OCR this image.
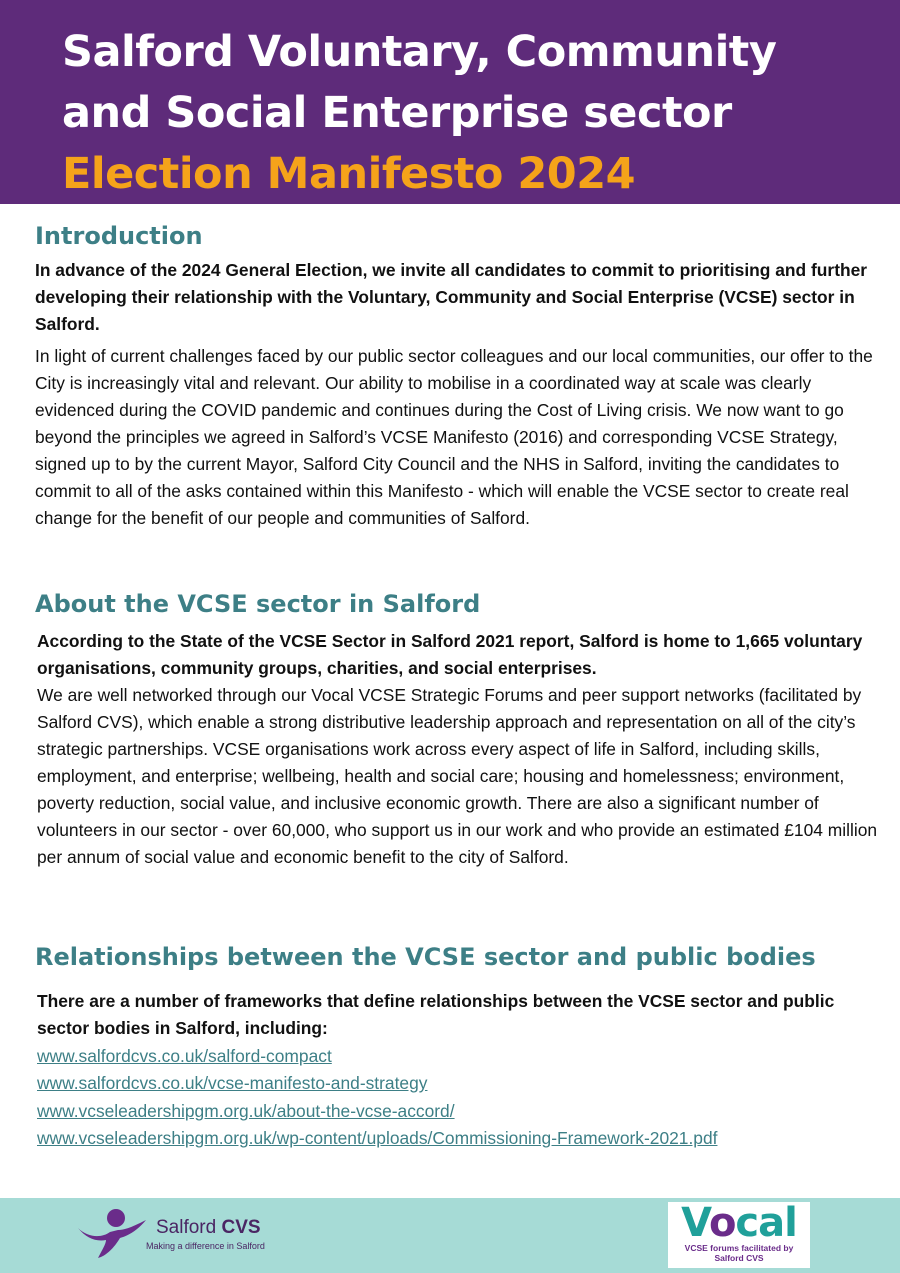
Salford Voluntary, Community
and Social Enterprise sector
Election Manifesto 2024
Introduction

In advance of the 2024 General Election, we invite all candidates to commit to prioritising and further developing their relationship with the Voluntary, Community and Social Enterprise (VCSE) sector in Salford.

In light of current challenges faced by our public sector colleagues and our local communities, our offer to the City is increasingly vital and relevant. Our ability to mobilise in a coordinated way at scale was clearly evidenced during the COVID pandemic and continues during the Cost of Living crisis. We now want to go beyond the principles we agreed in Salford’s VCSE Manifesto (2016) and corresponding VCSE Strategy, signed up to by the current Mayor, Salford City Council and the NHS in Salford, inviting the candidates to commit to all of the asks contained within this Manifesto - which will enable the VCSE sector to create real change for the benefit of our people and communities of Salford.

About the VCSE sector in Salford

According to the State of the VCSE Sector in Salford 2021 report, Salford is home to 1,665 voluntary organisations, community groups, charities, and social enterprises.

We are well networked through our Vocal VCSE Strategic Forums and peer support networks (facilitated by Salford CVS), which enable a strong distributive leadership approach and representation on all of the city’s strategic partnerships. VCSE organisations work across every aspect of life in Salford, including skills, employment, and enterprise; wellbeing, health and social care; housing and homelessness; environment, poverty reduction, social value, and inclusive economic growth. There are also a significant number of volunteers in our sector - over 60,000, who support us in our work and who provide an estimated £104 million per annum of social value and economic benefit to the city of Salford.

Relationships between the VCSE sector and public bodies

There are a number of frameworks that define relationships between the VCSE sector and public sector bodies in Salford, including:

www.salfordcvs.co.uk/salford-compact
www.salfordcvs.co.uk/vcse-manifesto-and-strategy
www.vcseleadershipgm.org.uk/about-the-vcse-accord/
www.vcseleadershipgm.org.uk/wp-content/uploads/Commissioning-Framework-2021.pdf
Salford CVS
Making a difference in Salford	Vocal
VCSE forums facilitated by
Salford CVS
